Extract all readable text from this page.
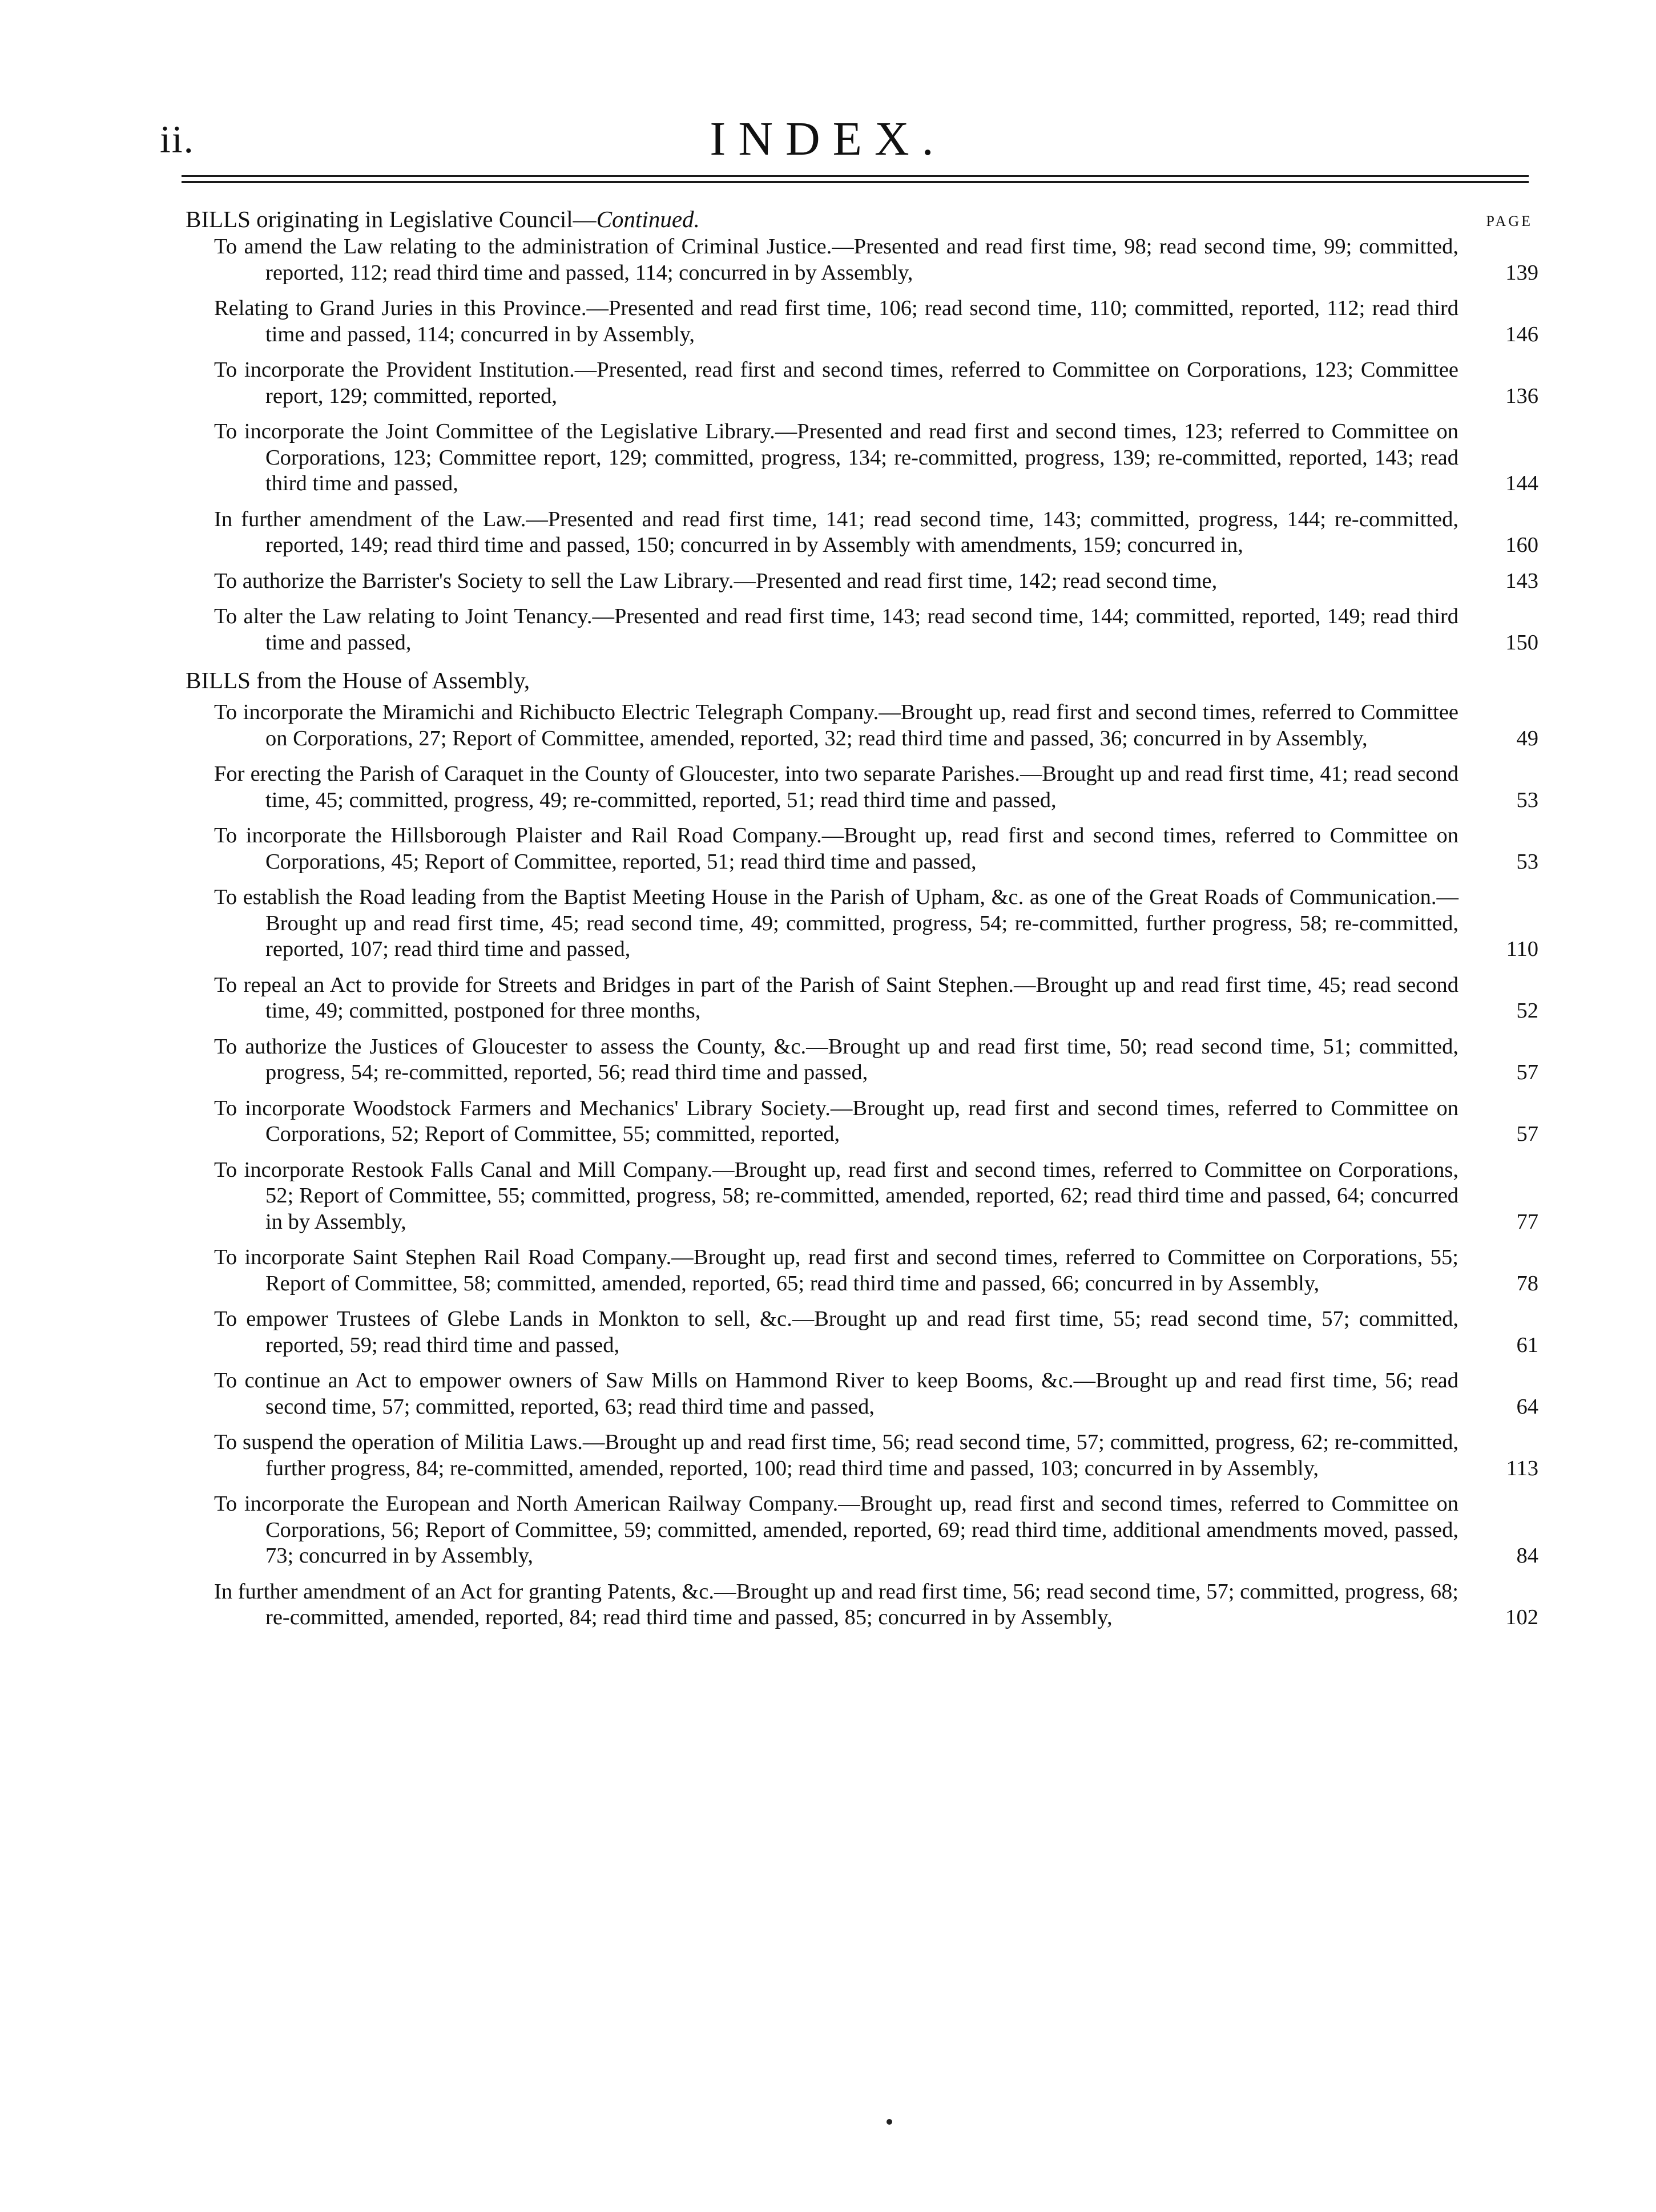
ii.	INDEX.
BILLS originating in Legislative Council—Continued.	PAGE
To amend the Law relating to the administration of Criminal Justice.—Presented and read first time, 98; read second time, 99; committed, reported, 112; read third time and passed, 114; concurred in by Assembly,	139
Relating to Grand Juries in this Province.—Presented and read first time, 106; read second time, 110; committed, reported, 112; read third time and passed, 114; concurred in by Assembly,	146
To incorporate the Provident Institution.—Presented, read first and second times, referred to Committee on Corporations, 123; Committee report, 129; committed, reported,	136
To incorporate the Joint Committee of the Legislative Library.—Presented and read first and second times, 123; referred to Committee on Corporations, 123; Committee report, 129; committed, progress, 134; re-committed, progress, 139; re-committed, reported, 143; read third time and passed,	144
In further amendment of the Law.—Presented and read first time, 141; read second time, 143; committed, progress, 144; re-committed, reported, 149; read third time and passed, 150; concurred in by Assembly with amendments, 159; concurred in,	160
To authorize the Barrister's Society to sell the Law Library.—Presented and read first time, 142; read second time,	143
To alter the Law relating to Joint Tenancy.—Presented and read first time, 143; read second time, 144; committed, reported, 149; read third time and passed,	150
BILLS from the House of Assembly,
To incorporate the Miramichi and Richibucto Electric Telegraph Company.—Brought up, read first and second times, referred to Committee on Corporations, 27; Report of Committee, amended, reported, 32; read third time and passed, 36; concurred in by Assembly,	49
For erecting the Parish of Caraquet in the County of Gloucester, into two separate Parishes.—Brought up and read first time, 41; read second time, 45; committed, progress, 49; re-committed, reported, 51; read third time and passed,	53
To incorporate the Hillsborough Plaister and Rail Road Company.—Brought up, read first and second times, referred to Committee on Corporations, 45; Report of Committee, reported, 51; read third time and passed,	53
To establish the Road leading from the Baptist Meeting House in the Parish of Upham, &c. as one of the Great Roads of Communication.—Brought up and read first time, 45; read second time, 49; committed, progress, 54; re-committed, further progress, 58; re-committed, reported, 107; read third time and passed,	110
To repeal an Act to provide for Streets and Bridges in part of the Parish of Saint Stephen.—Brought up and read first time, 45; read second time, 49; committed, postponed for three months,	52
To authorize the Justices of Gloucester to assess the County, &c.—Brought up and read first time, 50; read second time, 51; committed, progress, 54; re-committed, reported, 56; read third time and passed,	57
To incorporate Woodstock Farmers and Mechanics' Library Society.—Brought up, read first and second times, referred to Committee on Corporations, 52; Report of Committee, 55; committed, reported,	57
To incorporate Restook Falls Canal and Mill Company.—Brought up, read first and second times, referred to Committee on Corporations, 52; Report of Committee, 55; committed, progress, 58; re-committed, amended, reported, 62; read third time and passed, 64; concurred in by Assembly,	77
To incorporate Saint Stephen Rail Road Company.—Brought up, read first and second times, referred to Committee on Corporations, 55; Report of Committee, 58; committed, amended, reported, 65; read third time and passed, 66; concurred in by Assembly,	78
To empower Trustees of Glebe Lands in Monkton to sell, &c.—Brought up and read first time, 55; read second time, 57; committed, reported, 59; read third time and passed,	61
To continue an Act to empower owners of Saw Mills on Hammond River to keep Booms, &c.—Brought up and read first time, 56; read second time, 57; committed, reported, 63; read third time and passed,	64
To suspend the operation of Militia Laws.—Brought up and read first time, 56; read second time, 57; committed, progress, 62; re-committed, further progress, 84; re-committed, amended, reported, 100; read third time and passed, 103; concurred in by Assembly,	113
To incorporate the European and North American Railway Company.—Brought up, read first and second times, referred to Committee on Corporations, 56; Report of Committee, 59; committed, amended, reported, 69; read third time, additional amendments moved, passed, 73; concurred in by Assembly,	84
In further amendment of an Act for granting Patents, &c.—Brought up and read first time, 56; read second time, 57; committed, progress, 68; re-committed, amended, reported, 84; read third time and passed, 85; concurred in by Assembly,	102
